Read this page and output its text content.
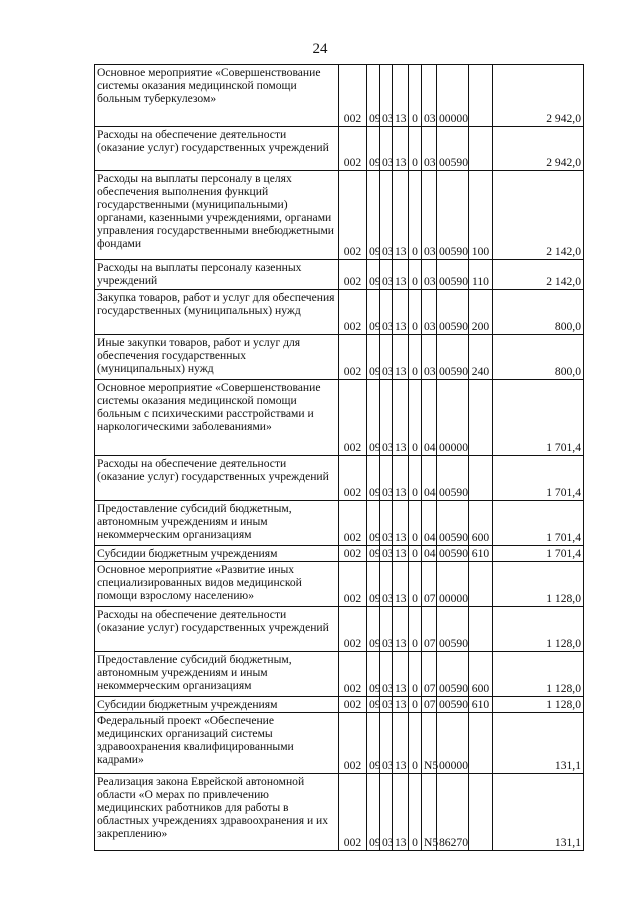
24
Основное мероприятие «Совершенствование системы оказания медицинской помощи больным туберкулезом»	002	09	03	13	0	03	00000		2 942,0

Расходы на обеспечение деятельности (оказание услуг) государственных учреждений	002	09	03	13	0	03	00590		2 942,0

Расходы на выплаты персоналу в целях обеспечения выполнения функций государственными (муниципальными) органами, казенными учреждениями, органами управления государственными внебюджетными фондами	002	09	03	13	0	03	00590	100	2 142,0

Расходы на выплаты персоналу казенных учреждений	002	09	03	13	0	03	00590	110	2 142,0

Закупка товаров, работ и услуг для обеспечения государственных (муниципальных) нужд	002	09	03	13	0	03	00590	200	800,0

Иные закупки товаров, работ и услуг для обеспечения государственных (муниципальных) нужд	002	09	03	13	0	03	00590	240	800,0

Основное мероприятие «Совершенствование системы оказания медицинской помощи больным с психическими расстройствами и наркологическими заболеваниями»	002	09	03	13	0	04	00000		1 701,4

Расходы на обеспечение деятельности (оказание услуг) государственных учреждений	002	09	03	13	0	04	00590		1 701,4

Предоставление субсидий бюджетным, автономным учреждениям и иным некоммерческим организациям	002	09	03	13	0	04	00590	600	1 701,4

Субсидии бюджетным учреждениям	002	09	03	13	0	04	00590	610	1 701,4

Основное мероприятие «Развитие иных специализированных видов медицинской помощи взрослому населению»	002	09	03	13	0	07	00000		1 128,0

Расходы на обеспечение деятельности (оказание услуг) государственных учреждений	002	09	03	13	0	07	00590		1 128,0

Предоставление субсидий бюджетным, автономным учреждениям и иным некоммерческим организациям	002	09	03	13	0	07	00590	600	1 128,0

Субсидии бюджетным учреждениям	002	09	03	13	0	07	00590	610	1 128,0

Федеральный проект «Обеспечение медицинских организаций системы здравоохранения квалифицированными кадрами»	002	09	03	13	0	N5	00000		131,1

Реализация закона Еврейской автономной области «О мерах по привлечению медицинских работников для работы в областных учреждениях здравоохранения и их закреплению»	002	09	03	13	0	N5	86270		131,1
